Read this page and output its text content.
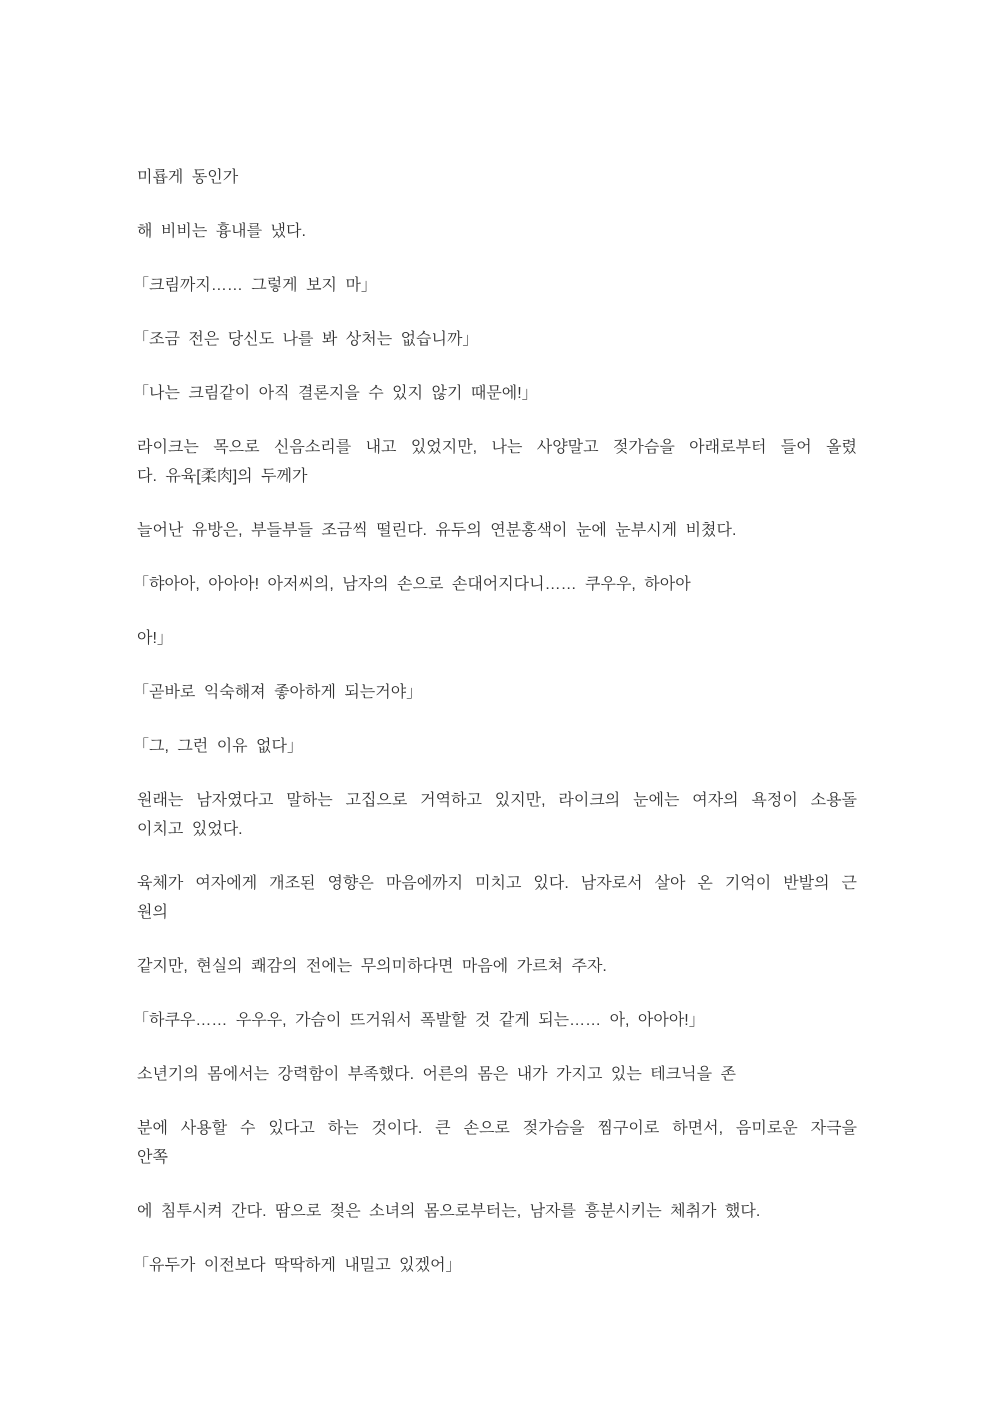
미룝게 동인가

해 비비는 흉내를 냈다.

「크림까지…… 그렇게 보지 마」

「조금 전은 당신도 나를 봐 상처는 없습니까」

「나는 크림같이 아직 결론지을 수 있지 않기 때문에!」

라이크는 목으로 신음소리를 내고 있었지만, 나는 사양말고 젖가슴을 아래로부터 들어 올렸
다. 유육[柔肉]의 두께가

늘어난 유방은, 부들부들 조금씩 떨린다. 유두의 연분홍색이 눈에 눈부시게 비쳤다.

「햐아아, 아아아! 아저씨의, 남자의 손으로 손대어지다니…… 쿠우우, 하아아

아!」

「곧바로 익숙해져 좋아하게 되는거야」

「그, 그런 이유 없다」

원래는 남자였다고 말하는 고집으로 거역하고 있지만, 라이크의 눈에는 여자의 욕정이 소용돌
이치고 있었다.

육체가 여자에게 개조된 영향은 마음에까지 미치고 있다. 남자로서 살아 온 기억이 반발의 근
원의

같지만, 현실의 쾌감의 전에는 무의미하다면 마음에 가르쳐 주자.

「하쿠우…… 우우우, 가슴이 뜨거워서 폭발할 것 같게 되는…… 아, 아아아!」

소년기의 몸에서는 강력함이 부족했다. 어른의 몸은 내가 가지고 있는 테크닉을 존

분에 사용할 수 있다고 하는 것이다. 큰 손으로 젖가슴을 찜구이로 하면서, 음미로운 자극을
안쪽

에 침투시켜 간다. 땀으로 젖은 소녀의 몸으로부터는, 남자를 흥분시키는 체취가 했다.

「유두가 이전보다 딱딱하게 내밀고 있겠어」
